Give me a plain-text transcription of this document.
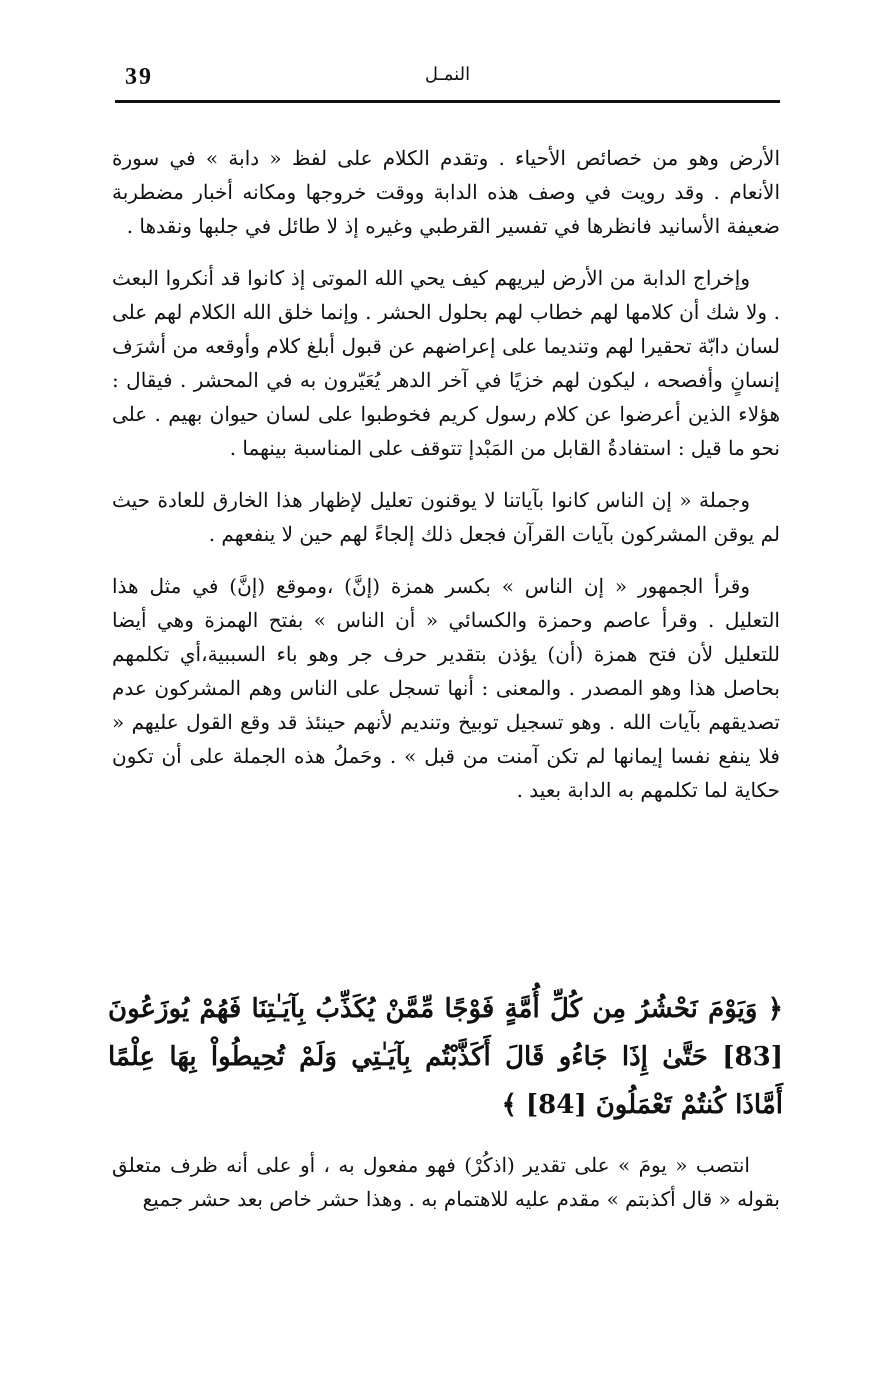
39	النمـل

الأرض وهو من خصائص الأحياء . وتقدم الكلام على لفظ « دابة » في سورة الأنعام . وقد رويت في وصف هذه الدابة ووقت خروجها ومكانه أخبار مضطربة ضعيفة الأسانيد فانظرها في تفسير القرطبي وغيره إذ لا طائل في جلبها ونقدها .

وإخراج الدابة من الأرض ليريهم كيف يحي الله الموتى إذ كانوا قد أنكروا البعث . ولا شك أن كلامها لهم خطاب لهم بحلول الحشر . وإنما خلق الله الكلام لهم على لسان دابّة تحقيرا لهم وتنديما على إعراضهم عن قبول أبلغ كلام وأوقعه من أشرَف إنسانٍ وأفصحه ، ليكون لهم خزيًا في آخر الدهر يُعَيّرون به في المحشر . فيقال : هؤلاء الذين أعرضوا عن كلام رسول كريم فخوطبوا على لسان حيوان بهيم . على نحو ما قيل : استفادةُ القابل من المَبْدإ تتوقف على المناسبة بينهما .

وجملة « إن الناس كانوا بآياتنا لا يوقنون تعليل لإظهار هذا الخارق للعادة حيث لم يوقن المشركون بآيات القرآن فجعل ذلك إلجاءً لهم حين لا ينفعهم .

وقرأ الجمهور « إن الناس » بكسر همزة (إنَّ) ،وموقع (إنَّ) في مثل هذا التعليل . وقرأ عاصم وحمزة والكسائي « أن الناس » بفتح الهمزة وهي أيضا للتعليل لأن فتح همزة (أن) يؤذن بتقدير حرف جر وهو باء السببية،أي تكلمهم بحاصل هذا وهو المصدر . والمعنى : أنها تسجل على الناس وهم المشركون عدم تصديقهم بآيات الله . وهو تسجيل توبيخ وتنديم لأنهم حينئذ قد وقع القول عليهم « فلا ينفع نفسا إيمانها لم تكن آمنت من قبل » . وحَملُ هذه الجملة على أن تكون حكاية لما تكلمهم به الدابة بعيد .

﴿ وَيَوْمَ نَحْشُرُ مِن كُلِّ أُمَّةٍ فَوْجًا مِّمَّنْ يُكَذِّبُ بِآيَـٰتِنَا فَهُمْ يُوزَعُونَ [83] حَتَّىٰ إِذَا جَاءُو قَالَ أَكَذَّبْتُم بِآيَـٰتِي وَلَمْ تُحِيطُواْ بِهَا عِلْمًا أَمَّاذَا كُنتُمْ تَعْمَلُونَ [84] ﴾

انتصب « يومَ » على تقدير (اذكُرْ) فهو مفعول به ، أو على أنه ظرف متعلق بقوله « قال أكذبتم » مقدم عليه للاهتمام به . وهذا حشر خاص بعد حشر جميع
